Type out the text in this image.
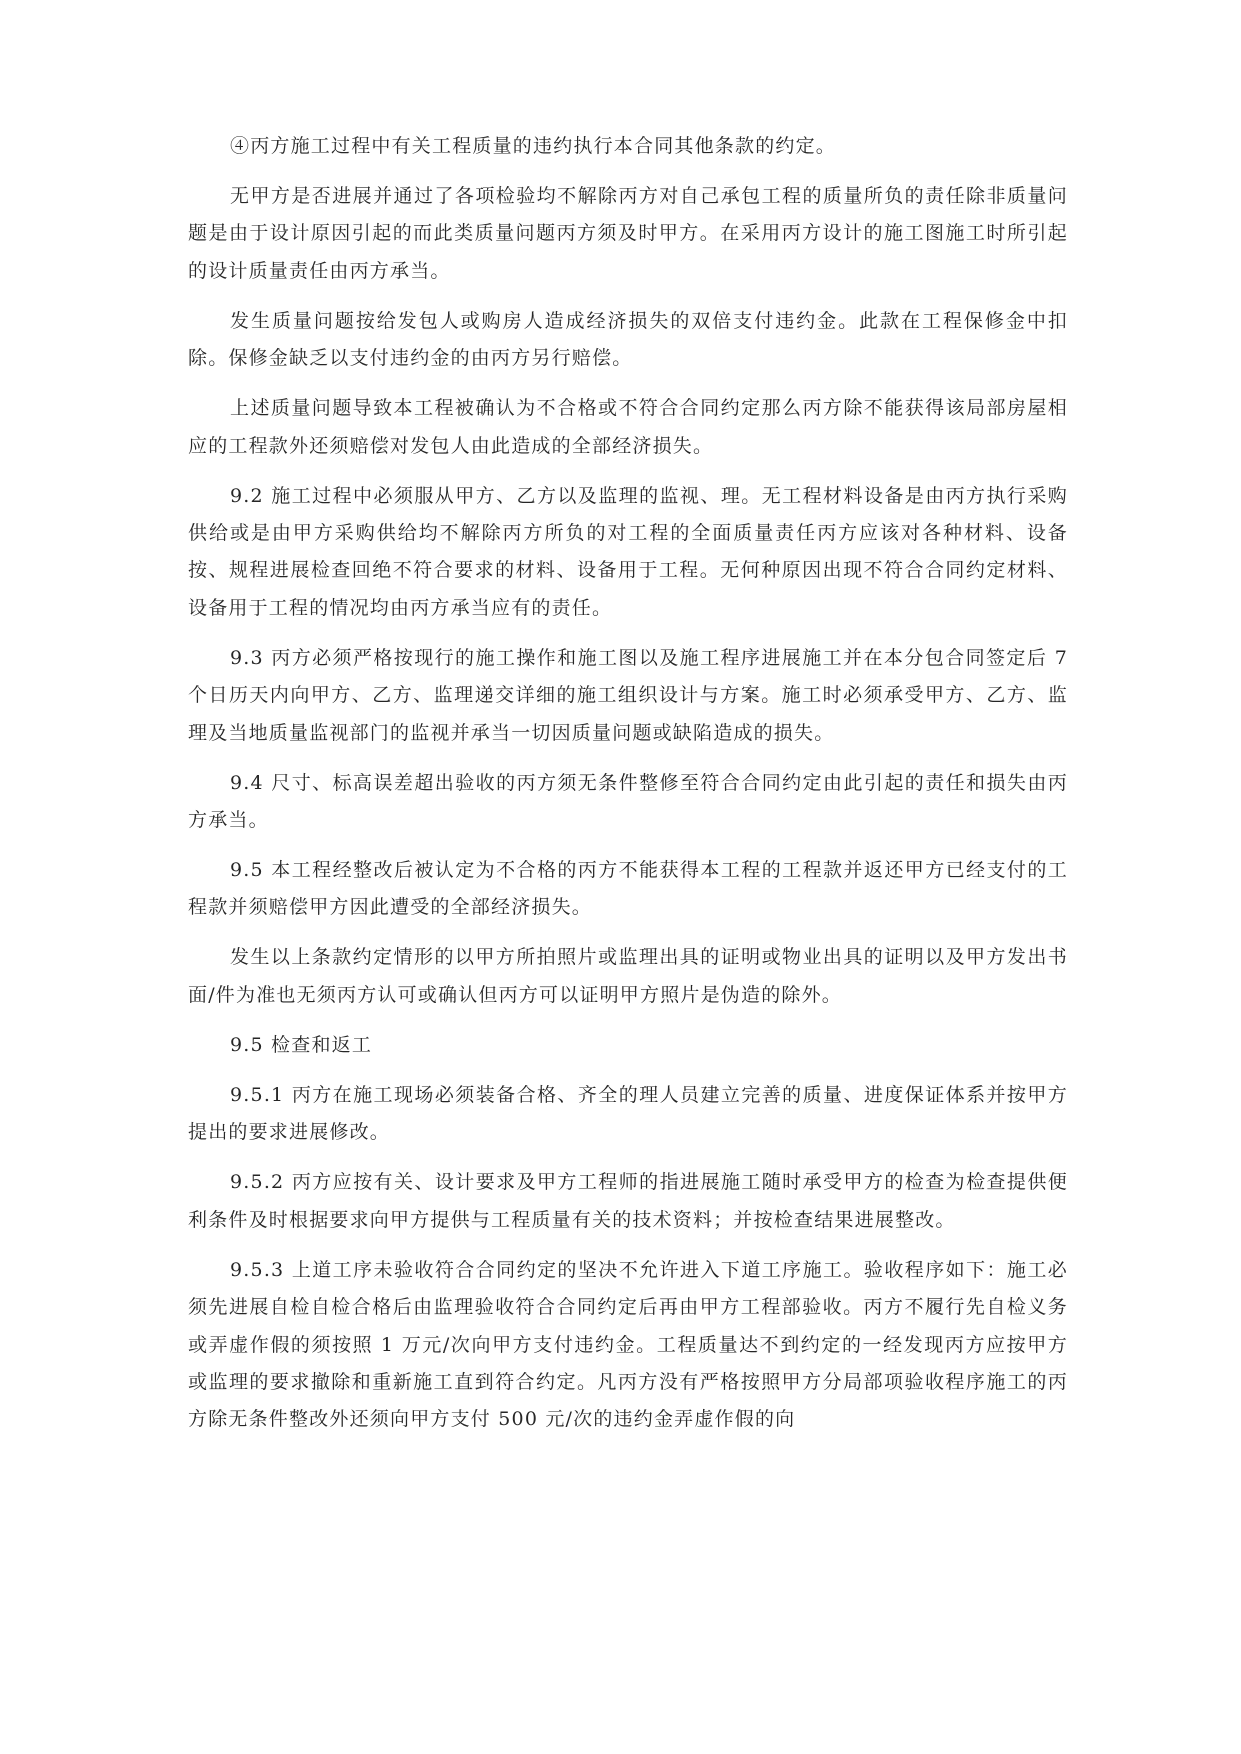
④丙方施工过程中有关工程质量的违约执行本合同其他条款的约定。

无甲方是否进展并通过了各项检验均不解除丙方对自己承包工程的质量所负的责任除非质量问题是由于设计原因引起的而此类质量问题丙方须及时甲方。在采用丙方设计的施工图施工时所引起的设计质量责任由丙方承当。

发生质量问题按给发包人或购房人造成经济损失的双倍支付违约金。此款在工程保修金中扣除。保修金缺乏以支付违约金的由丙方另行赔偿。

上述质量问题导致本工程被确认为不合格或不符合合同约定那么丙方除不能获得该局部房屋相应的工程款外还须赔偿对发包人由此造成的全部经济损失。

9.2 施工过程中必须服从甲方、乙方以及监理的监视、理。无工程材料设备是由丙方执行采购供给或是由甲方采购供给均不解除丙方所负的对工程的全面质量责任丙方应该对各种材料、设备按、规程进展检查回绝不符合要求的材料、设备用于工程。无何种原因出现不符合合同约定材料、设备用于工程的情况均由丙方承当应有的责任。

9.3 丙方必须严格按现行的施工操作和施工图以及施工程序进展施工并在本分包合同签定后 7 个日历天内向甲方、乙方、监理递交详细的施工组织设计与方案。施工时必须承受甲方、乙方、监理及当地质量监视部门的监视并承当一切因质量问题或缺陷造成的损失。

9.4 尺寸、标高误差超出验收的丙方须无条件整修至符合合同约定由此引起的责任和损失由丙方承当。

9.5 本工程经整改后被认定为不合格的丙方不能获得本工程的工程款并返还甲方已经支付的工程款并须赔偿甲方因此遭受的全部经济损失。

发生以上条款约定情形的以甲方所拍照片或监理出具的证明或物业出具的证明以及甲方发出书面/件为准也无须丙方认可或确认但丙方可以证明甲方照片是伪造的除外。

9.5 检查和返工

9.5.1 丙方在施工现场必须装备合格、齐全的理人员建立完善的质量、进度保证体系并按甲方提出的要求进展修改。

9.5.2 丙方应按有关、设计要求及甲方工程师的指进展施工随时承受甲方的检查为检查提供便利条件及时根据要求向甲方提供与工程质量有关的技术资料；并按检查结果进展整改。

9.5.3 上道工序未验收符合合同约定的坚决不允许进入下道工序施工。验收程序如下：施工必须先进展自检自检合格后由监理验收符合合同约定后再由甲方工程部验收。丙方不履行先自检义务或弄虚作假的须按照 1 万元/次向甲方支付违约金。工程质量达不到约定的一经发现丙方应按甲方或监理的要求撤除和重新施工直到符合约定。凡丙方没有严格按照甲方分局部项验收程序施工的丙方除无条件整改外还须向甲方支付 500 元/次的违约金弄虚作假的向
